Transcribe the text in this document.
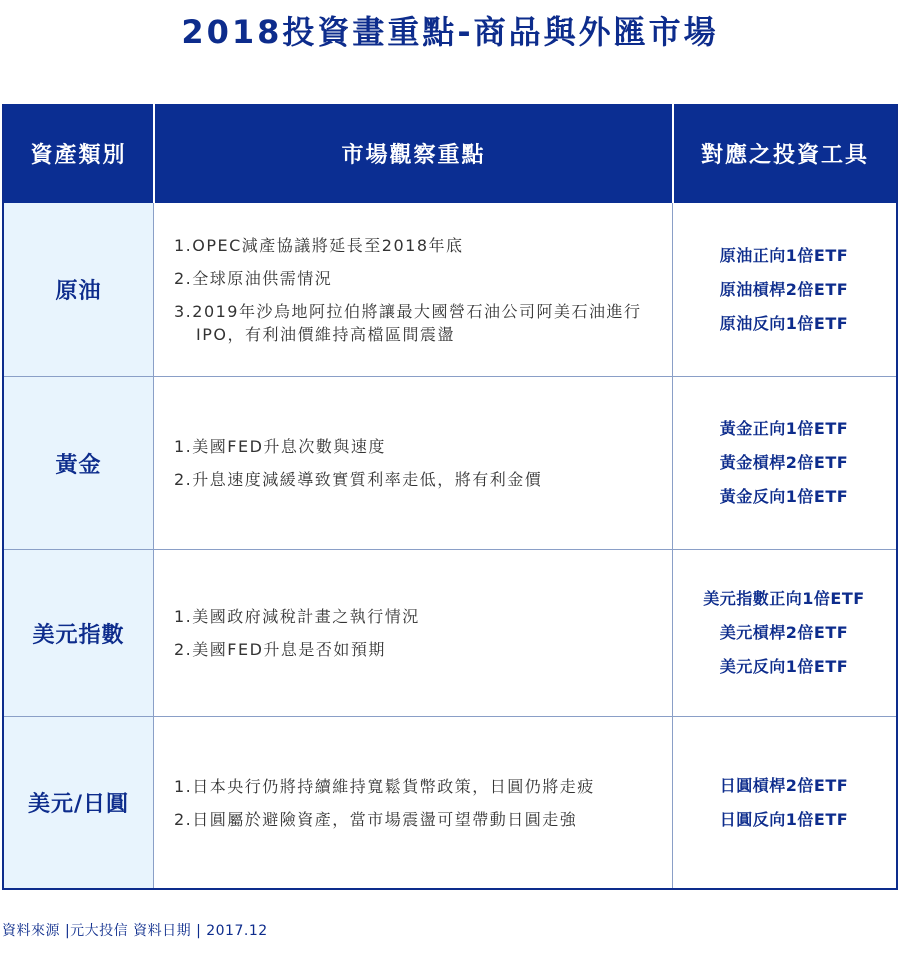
2018投資畫重點-商品與外匯市場
資產類別	市場觀察重點	對應之投資工具
原油
1.OPEC減產協議將延長至2018年底
2.全球原油供需情況
3.2019年沙烏地阿拉伯將讓最大國營石油公司阿美石油進行IPO，有利油價維持高檔區間震盪
原油正向1倍ETF
原油槓桿2倍ETF
原油反向1倍ETF
黃金
1.美國FED升息次數與速度
2.升息速度減緩導致實質利率走低，將有利金價
黃金正向1倍ETF
黃金槓桿2倍ETF
黃金反向1倍ETF
美元指數
1.美國政府減稅計畫之執行情況
2.美國FED升息是否如預期
美元指數正向1倍ETF
美元槓桿2倍ETF
美元反向1倍ETF
美元/日圓
1.日本央行仍將持續維持寬鬆貨幣政策，日圓仍將走疲
2.日圓屬於避險資產，當市場震盪可望帶動日圓走強
日圓槓桿2倍ETF
日圓反向1倍ETF
資料來源 |元大投信 資料日期 | 2017.12
